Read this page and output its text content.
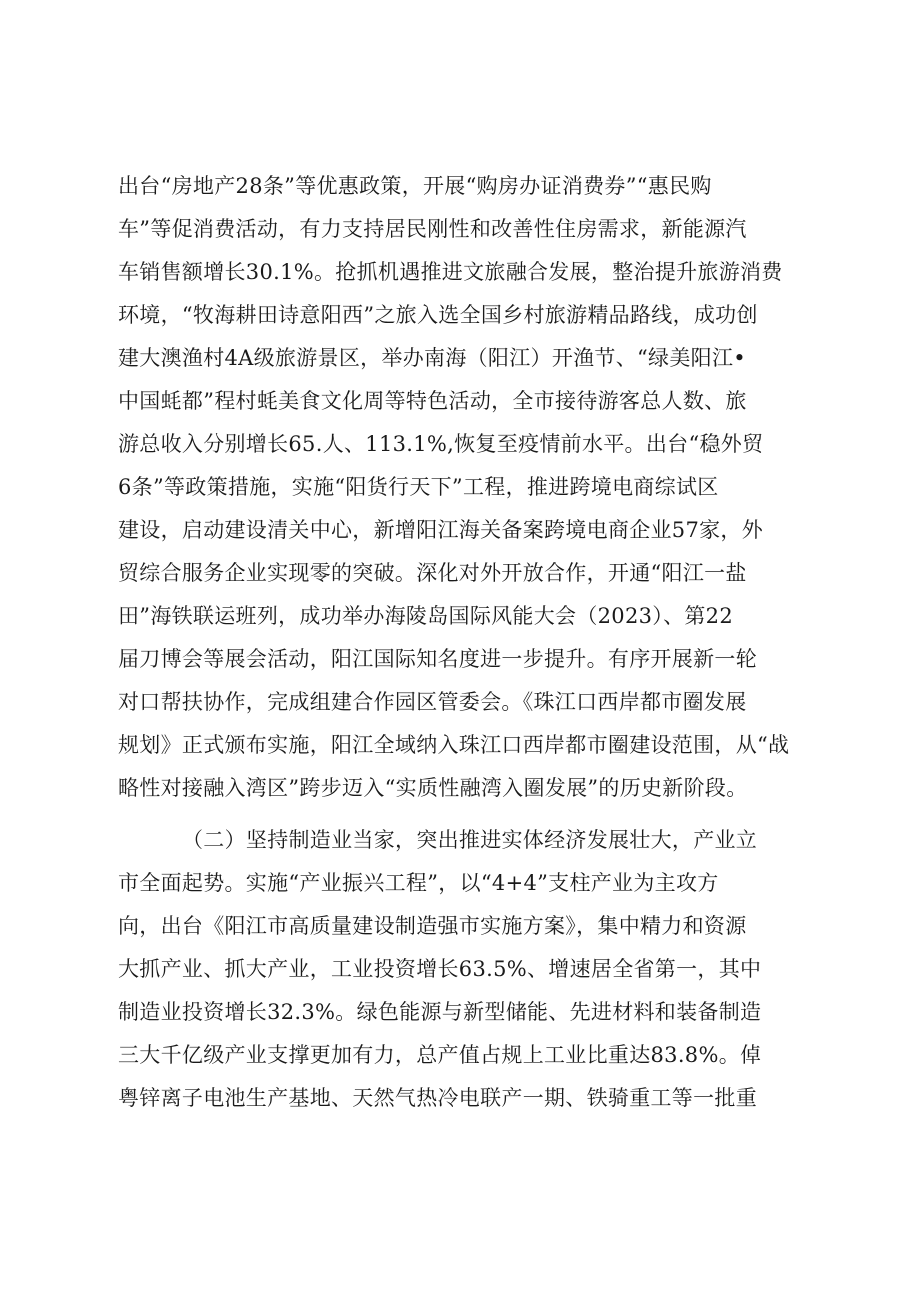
出台“房地产28条”等优惠政策，开展“购房办证消费券”“惠民购
车”等促消费活动，有力支持居民刚性和改善性住房需求，新能源汽
车销售额增长30.1%。抢抓机遇推进文旅融合发展，整治提升旅游消费
环境，“牧海耕田诗意阳西”之旅入选全国乡村旅游精品路线，成功创
建大澳渔村4A级旅游景区，举办南海（阳江）开渔节、“绿美阳江•
中国蚝都”程村蚝美食文化周等特色活动，全市接待游客总人数、旅
游总收入分别增长65.人、113.1%,恢复至疫情前水平。出台“稳外贸
6条”等政策措施，实施“阳货行天下”工程，推进跨境电商综试区
建设，启动建设清关中心，新增阳江海关备案跨境电商企业57家，外
贸综合服务企业实现零的突破。深化对外开放合作，开通“阳江一盐
田”海铁联运班列，成功举办海陵岛国际风能大会（2023）、第22
届刀博会等展会活动，阳江国际知名度进一步提升。有序开展新一轮
对口帮扶协作，完成组建合作园区管委会。《珠江口西岸都市圈发展
规划》正式颁布实施，阳江全域纳入珠江口西岸都市圈建设范围，从“战
略性对接融入湾区”跨步迈入“实质性融湾入圈发展”的历史新阶段。
（二）坚持制造业当家，突出推进实体经济发展壮大，产业立
市全面起势。实施“产业振兴工程”，以“4+4”支柱产业为主攻方
向，出台《阳江市高质量建设制造强市实施方案》，集中精力和资源
大抓产业、抓大产业，工业投资增长63.5%、增速居全省第一，其中
制造业投资增长32.3%。绿色能源与新型储能、先进材料和装备制造
三大千亿级产业支撑更加有力，总产值占规上工业比重达83.8%。倬
粤锌离子电池生产基地、天然气热冷电联产一期、铁骑重工等一批重
